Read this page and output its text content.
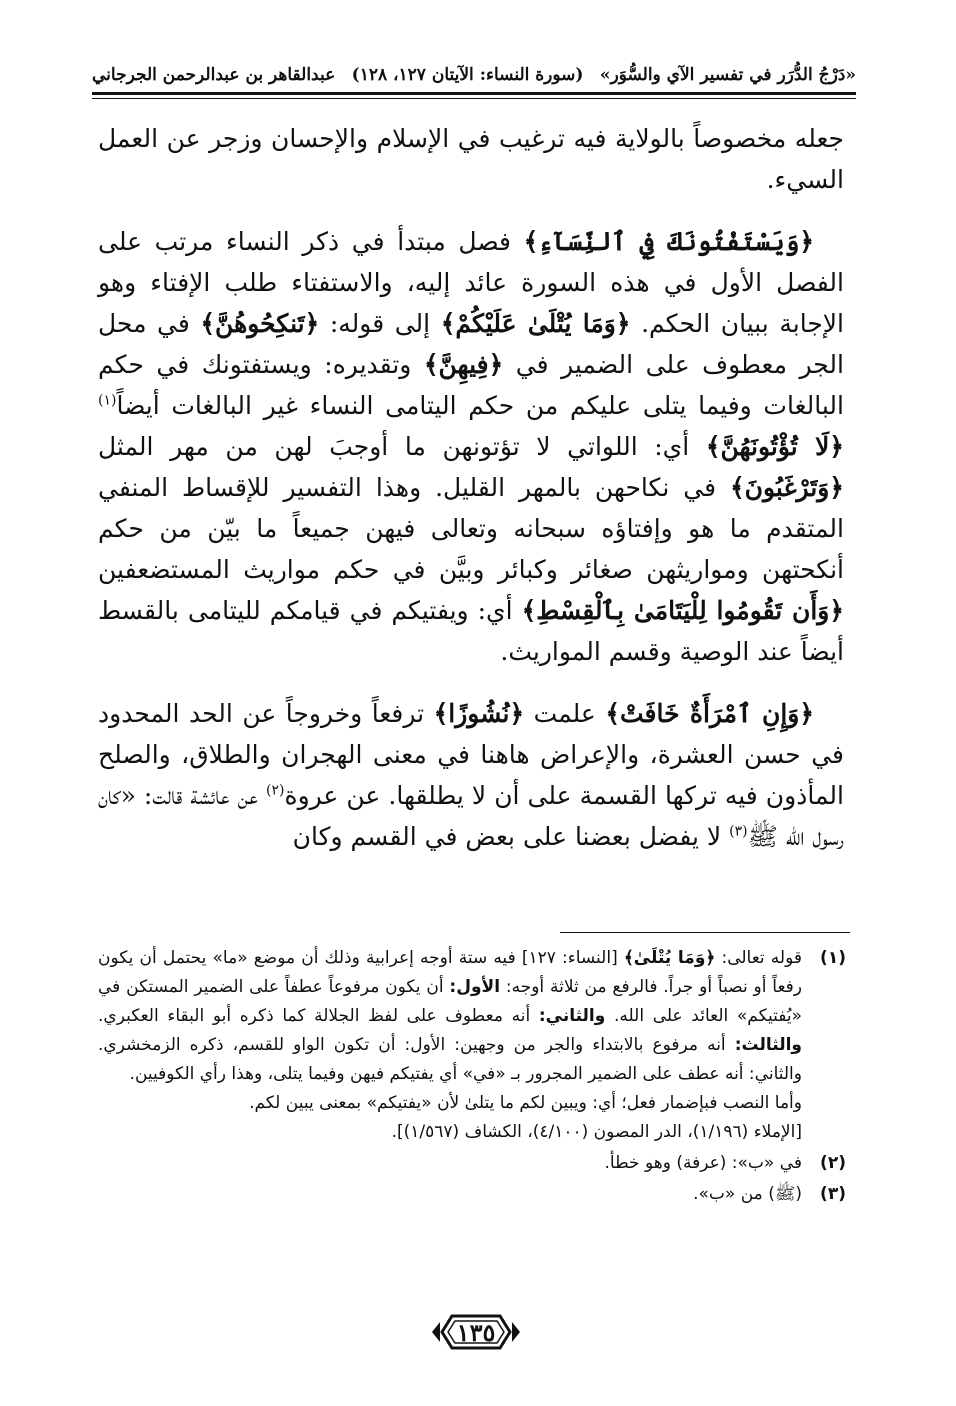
«دَرْجُ الدُّرَر في تفسير الآي والسُّوَر»
(سورة النساء: الآيتان ١٢٧، ١٢٨)
عبدالقاهر بن عبدالرحمن الجرجاني

جعله مخصوصاً بالولاية فيه ترغيب في الإسلام والإحسان وزجر عن العمل السيء.

﴿وَيَسْتَفْتُونَكَ فِي ٱلنِّسَآءِ﴾ فصل مبتدأ في ذكر النساء مرتب على الفصل الأول في هذه السورة عائد إليه، والاستفتاء طلب الإفتاء وهو الإجابة ببيان الحكم. ﴿وَمَا يُتْلَىٰ عَلَيْكُمْ﴾ إلى قوله: ﴿تَنكِحُوهُنَّ﴾ في محل الجر معطوف على الضمير في ﴿فِيهِنَّ﴾ وتقديره: ويستفتونك في حكم البالغات وفيما يتلى عليكم من حكم اليتامى النساء غير البالغات أيضاً$^{(١)}$ ﴿لَا تُؤْتُونَهُنَّ﴾ أي: اللواتي لا تؤتونهن ما أوجبَ لهن من مهر المثل ﴿وَتَرْغَبُونَ﴾ في نكاحهن بالمهر القليل. وهذا التفسير للإقساط المنفي المتقدم ما هو وإفتاؤه سبحانه وتعالى فيهن جميعاً ما بيّن من حكم أنكحتهن ومواريثهن صغائر وكبائر وبيَّن في حكم مواريث المستضعفين ﴿وَأَن تَقُومُوا لِلْيَتَامَىٰ بِٱلْقِسْطِ﴾ أي: ويفتيكم في قيامكم لليتامى بالقسط أيضاً عند الوصية وقسم المواريث.

﴿وَإِنِ ٱمْرَأَةٌ خَافَتْ﴾ علمت ﴿نُشُوزًا﴾ ترفعاً وخروجاً عن الحد المحدود في حسن العشرة، والإعراض هاهنا في معنى الهجران والطلاق، والصلح المأذون فيه تركها القسمة على أن لا يطلقها. عن عروة$^{(٢)}$ عن عائشة قالت: «كان رسول الله ﷺ$^{(٣)}$ لا يفضل بعضنا على بعض في القسم وكان

(١)

قوله تعالى: ﴿وَمَا يُتْلَىٰ﴾ [النساء: ١٢٧] فيه ستة أوجه إعرابية وذلك أن موضع «ما» يحتمل أن يكون رفعاً أو نصباً أو جراً. فالرفع من ثلاثة أوجه: الأول: أن يكون مرفوعاً عطفاً على الضمير المستكن في «يُفتيكم» العائد على الله. والثاني: أنه معطوف على لفظ الجلالة كما ذكره أبو البقاء العكبري. والثالث: أنه مرفوع بالابتداء والجر من وجهين: الأول: أن تكون الواو للقسم، ذكره الزمخشري. والثاني: أنه عطف على الضمير المجرور بـ «في» أي يفتيكم فيهن وفيما يتلى، وهذا رأي الكوفيين.

وأما النصب فبإضمار فعل؛ أي: ويبين لكم ما يتلىٰ لأن «يفتيكم» بمعنى يبين لكم.

[الإملاء (١/١٩٦)، الدر المصون (٤/١٠٠)، الكشاف (١/٥٦٧)].

(٢)
في «ب»: (عرفة) وهو خطأ.
(٣)
(ﷺ) من «ب».
١٣٥
